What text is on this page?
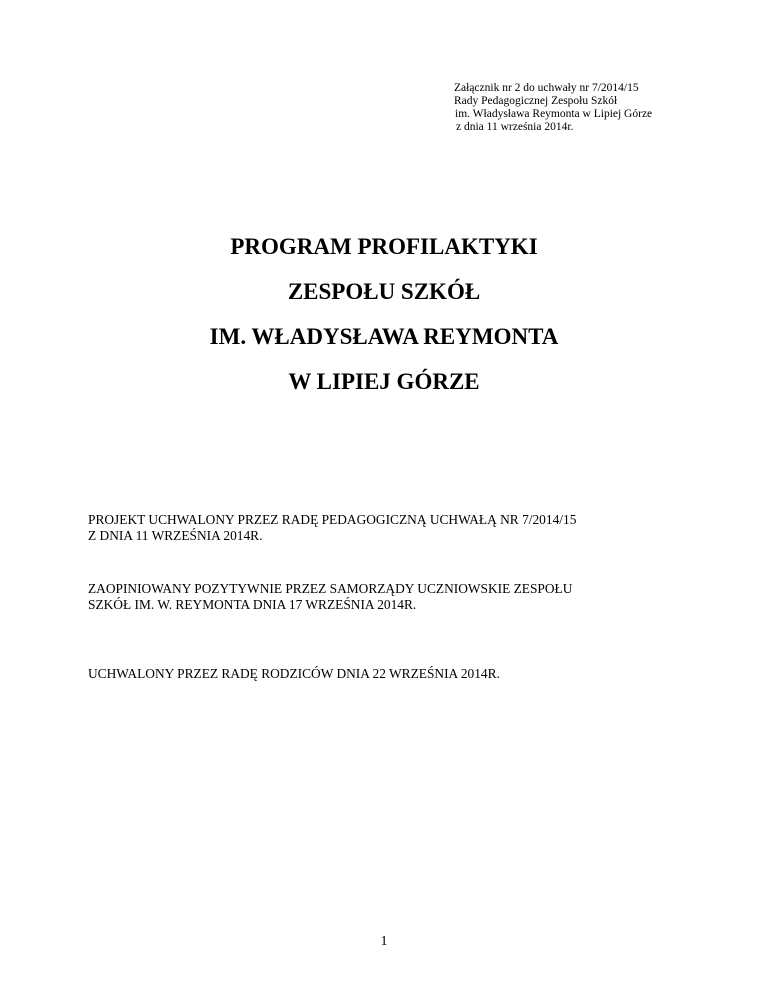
Załącznik nr 2 do uchwały nr 7/2014/15
Rady Pedagogicznej Zespołu Szkół
im. Władysława Reymonta w Lipiej Górze
z dnia 11 września 2014r.
PROGRAM PROFILAKTYKI
ZESPOŁU SZKÓŁ
IM. WŁADYSŁAWA REYMONTA
W LIPIEJ GÓRZE
PROJEKT UCHWALONY PRZEZ RADĘ PEDAGOGICZNĄ UCHWAŁĄ NR 7/2014/15
Z DNIA 11 WRZEŚNIA 2014R.
ZAOPINIOWANY POZYTYWNIE PRZEZ SAMORZĄDY UCZNIOWSKIE ZESPOŁU
SZKÓŁ IM. W. REYMONTA DNIA 17 WRZEŚNIA 2014R.
UCHWALONY PRZEZ RADĘ RODZICÓW DNIA 22 WRZEŚNIA 2014R.
1
